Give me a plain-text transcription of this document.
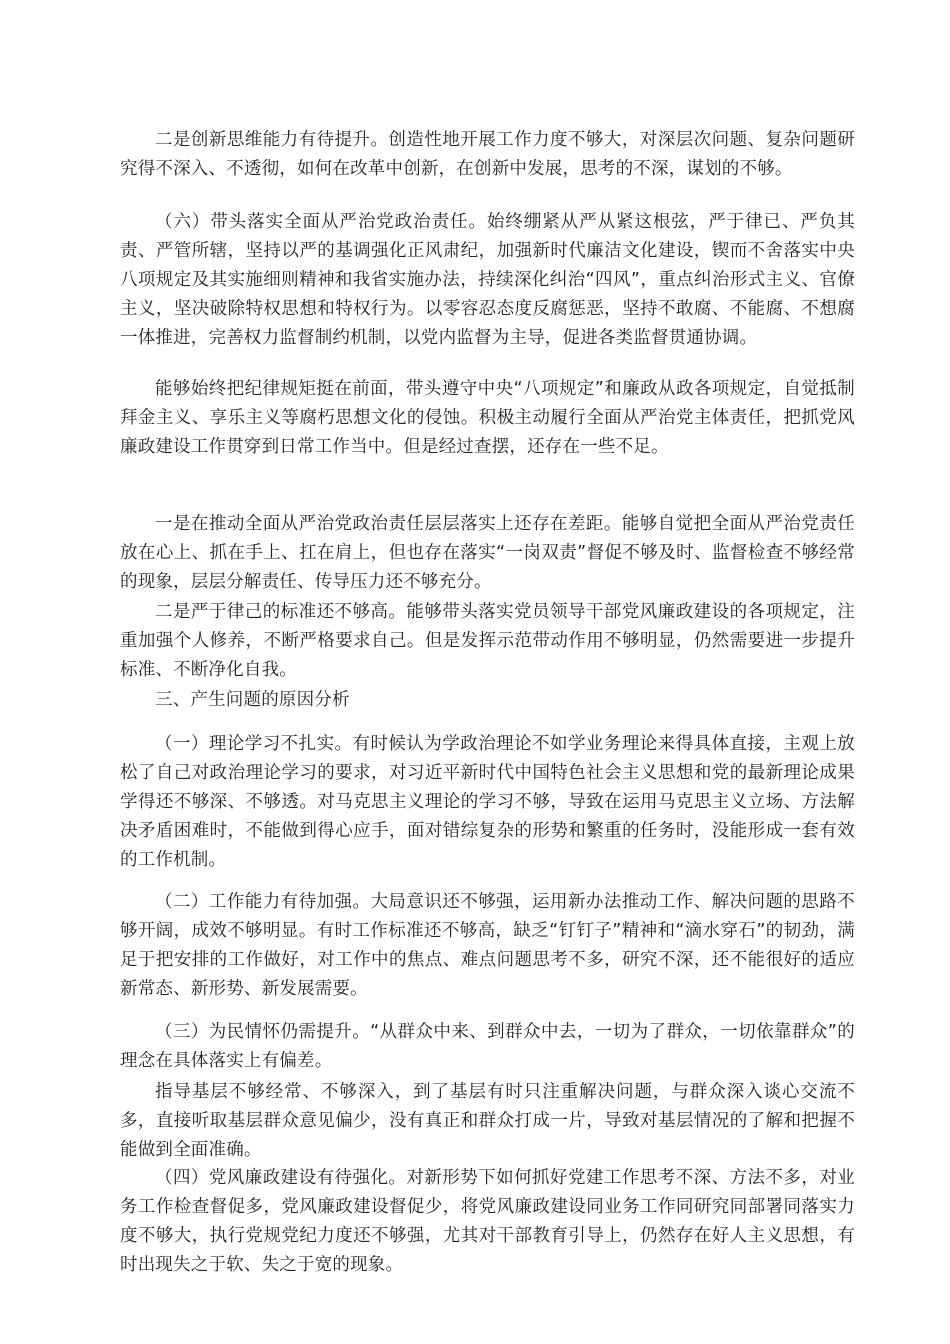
二是创新思维能力有待提升。创造性地开展工作力度不够大，对深层次问题、复杂问题研究得不深入、不透彻，如何在改革中创新，在创新中发展，思考的不深，谋划的不够。

（六）带头落实全面从严治党政治责任。始终绷紧从严从紧这根弦，严于律已、严负其责、严管所辖，坚持以严的基调强化正风肃纪，加强新时代廉洁文化建设，锲而不舍落实中央八项规定及其实施细则精神和我省实施办法，持续深化纠治“四风”，重点纠治形式主义、官僚主义，坚决破除特权思想和特权行为。以零容忍态度反腐惩恶，坚持不敢腐、不能腐、不想腐一体推进，完善权力监督制约机制，以党内监督为主导，促进各类监督贯通协调。

能够始终把纪律规矩挺在前面，带头遵守中央“八项规定”和廉政从政各项规定，自觉抵制拜金主义、享乐主义等腐朽思想文化的侵蚀。积极主动履行全面从严治党主体责任，把抓党风廉政建设工作贯穿到日常工作当中。但是经过查摆，还存在一些不足。

一是在推动全面从严治党政治责任层层落实上还存在差距。能够自觉把全面从严治党责任放在心上、抓在手上、扛在肩上，但也存在落实“一岗双责”督促不够及时、监督检查不够经常的现象，层层分解责任、传导压力还不够充分。

二是严于律己的标准还不够高。能够带头落实党员领导干部党风廉政建设的各项规定，注重加强个人修养，不断严格要求自己。但是发挥示范带动作用不够明显，仍然需要进一步提升标准、不断净化自我。

三、产生问题的原因分析

（一）理论学习不扎实。有时候认为学政治理论不如学业务理论来得具体直接，主观上放松了自己对政治理论学习的要求，对习近平新时代中国特色社会主义思想和党的最新理论成果学得还不够深、不够透。对马克思主义理论的学习不够，导致在运用马克思主义立场、方法解决矛盾困难时，不能做到得心应手，面对错综复杂的形势和繁重的任务时，没能形成一套有效的工作机制。

（二）工作能力有待加强。大局意识还不够强，运用新办法推动工作、解决问题的思路不够开阔，成效不够明显。有时工作标准还不够高，缺乏“钉钉子”精神和“滴水穿石”的韧劲，满足于把安排的工作做好，对工作中的焦点、难点问题思考不多，研究不深，还不能很好的适应新常态、新形势、新发展需要。

（三）为民情怀仍需提升。“从群众中来、到群众中去，一切为了群众，一切依靠群众”的理念在具体落实上有偏差。

指导基层不够经常、不够深入，到了基层有时只注重解决问题，与群众深入谈心交流不多，直接听取基层群众意见偏少，没有真正和群众打成一片，导致对基层情况的了解和把握不能做到全面准确。

（四）党风廉政建设有待强化。对新形势下如何抓好党建工作思考不深、方法不多，对业务工作检查督促多，党风廉政建设督促少，将党风廉政建设同业务工作同研究同部署同落实力度不够大，执行党规党纪力度还不够强，尤其对干部教育引导上，仍然存在好人主义思想，有时出现失之于软、失之于宽的现象。
